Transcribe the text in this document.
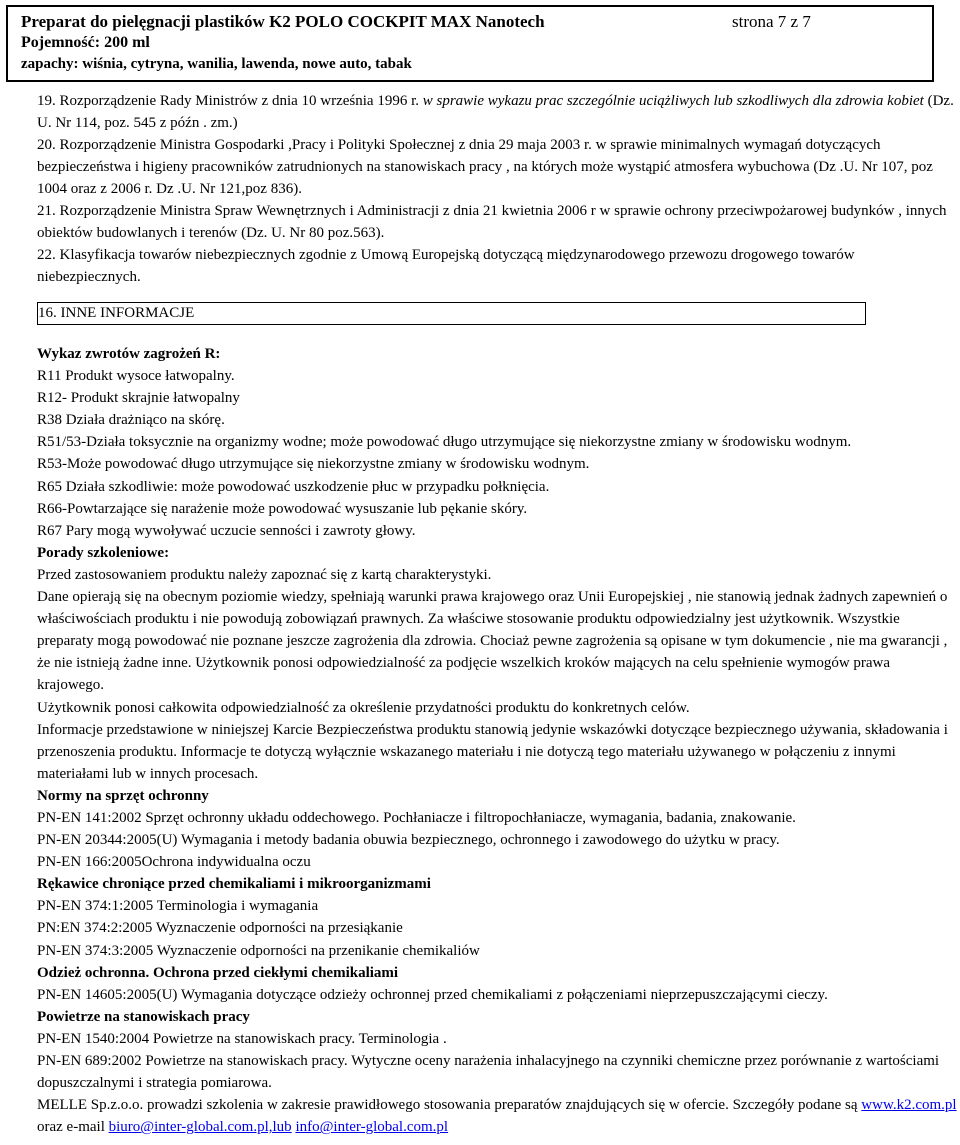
Preparat do pielęgnacji plastików K2 POLO COCKPIT MAX Nanotech	strona 7 z 7
Pojemność: 200 ml
zapachy: wiśnia, cytryna, wanilia, lawenda, nowe auto, tabak

19. Rozporządzenie Rady Ministrów z dnia 10 września 1996 r. w sprawie wykazu prac szczególnie uciążliwych lub szkodliwych dla zdrowia kobiet (Dz. U. Nr 114, poz. 545 z późn . zm.)

20. Rozporządzenie Ministra Gospodarki ,Pracy i Polityki Społecznej z dnia 29 maja 2003 r. w sprawie minimalnych wymagań dotyczących bezpieczeństwa i higieny pracowników zatrudnionych na stanowiskach pracy , na których może wystąpić atmosfera wybuchowa (Dz .U. Nr 107, poz 1004 oraz z 2006 r. Dz .U. Nr 121,poz 836).

21. Rozporządzenie Ministra Spraw Wewnętrznych i Administracji z dnia 21 kwietnia 2006 r w sprawie ochrony przeciwpożarowej budynków , innych obiektów budowlanych i terenów (Dz. U. Nr 80 poz.563).

22. Klasyfikacja towarów niebezpiecznych zgodnie z Umową Europejską dotyczącą międzynarodowego przewozu drogowego towarów niebezpiecznych.

16. INNE INFORMACJE

Wykaz zwrotów zagrożeń R:

R11 Produkt wysoce łatwopalny.

R12- Produkt skrajnie łatwopalny

R38 Działa drażniąco na skórę.

R51/53-Działa toksycznie na organizmy wodne; może powodować długo utrzymujące się niekorzystne zmiany w środowisku wodnym.

R53-Może powodować długo utrzymujące się niekorzystne zmiany w środowisku wodnym.

R65 Działa szkodliwie: może powodować uszkodzenie płuc w przypadku połknięcia.

R66-Powtarzające się narażenie może powodować wysuszanie lub pękanie skóry.

R67 Pary mogą wywoływać uczucie senności i zawroty głowy.

Porady szkoleniowe:

Przed zastosowaniem produktu należy zapoznać się z kartą charakterystyki.

Dane opierają się na obecnym poziomie wiedzy, spełniają warunki prawa krajowego oraz Unii Europejskiej , nie stanowią jednak żadnych zapewnień o właściwościach produktu i nie powodują zobowiązań prawnych. Za właściwe stosowanie produktu odpowiedzialny jest użytkownik. Wszystkie preparaty mogą powodować nie poznane jeszcze zagrożenia dla zdrowia. Chociaż pewne zagrożenia są opisane w tym dokumencie , nie ma gwarancji , że nie istnieją żadne inne. Użytkownik ponosi odpowiedzialność za podjęcie wszelkich kroków mających na celu spełnienie wymogów prawa krajowego.

Użytkownik ponosi całkowita odpowiedzialność za określenie przydatności produktu do konkretnych celów.

Informacje przedstawione w niniejszej Karcie Bezpieczeństwa produktu stanowią jedynie wskazówki dotyczące bezpiecznego używania, składowania i przenoszenia produktu. Informacje te dotyczą wyłącznie wskazanego materiału i nie dotyczą tego materiału używanego w połączeniu z innymi materiałami lub w innych procesach.

Normy na sprzęt ochronny

PN-EN 141:2002 Sprzęt ochronny układu oddechowego. Pochłaniacze i filtropochłaniacze, wymagania, badania, znakowanie.

PN-EN 20344:2005(U) Wymagania i metody badania obuwia bezpiecznego, ochronnego i zawodowego do użytku w pracy.

PN-EN 166:2005Ochrona indywidualna oczu

Rękawice chroniące przed chemikaliami i mikroorganizmami

PN-EN 374:1:2005 Terminologia i wymagania

PN:EN 374:2:2005 Wyznaczenie odporności na przesiąkanie

PN-EN 374:3:2005 Wyznaczenie odporności na przenikanie chemikaliów

Odzież ochronna. Ochrona przed ciekłymi chemikaliami

PN-EN 14605:2005(U) Wymagania dotyczące odzieży ochronnej przed chemikaliami z połączeniami nieprzepuszczającymi cieczy.

Powietrze na stanowiskach pracy

PN-EN 1540:2004 Powietrze na stanowiskach pracy. Terminologia .

PN-EN 689:2002 Powietrze na stanowiskach pracy. Wytyczne oceny narażenia inhalacyjnego na czynniki chemiczne przez porównanie z wartościami dopuszczalnymi i strategia pomiarowa.

MELLE Sp.z.o.o. prowadzi szkolenia w zakresie prawidłowego stosowania preparatów znajdujących się w ofercie. Szczegóły podane są www.k2.com.pl oraz e-mail biuro@inter-global.com.pl,lub info@inter-global.com.pl
